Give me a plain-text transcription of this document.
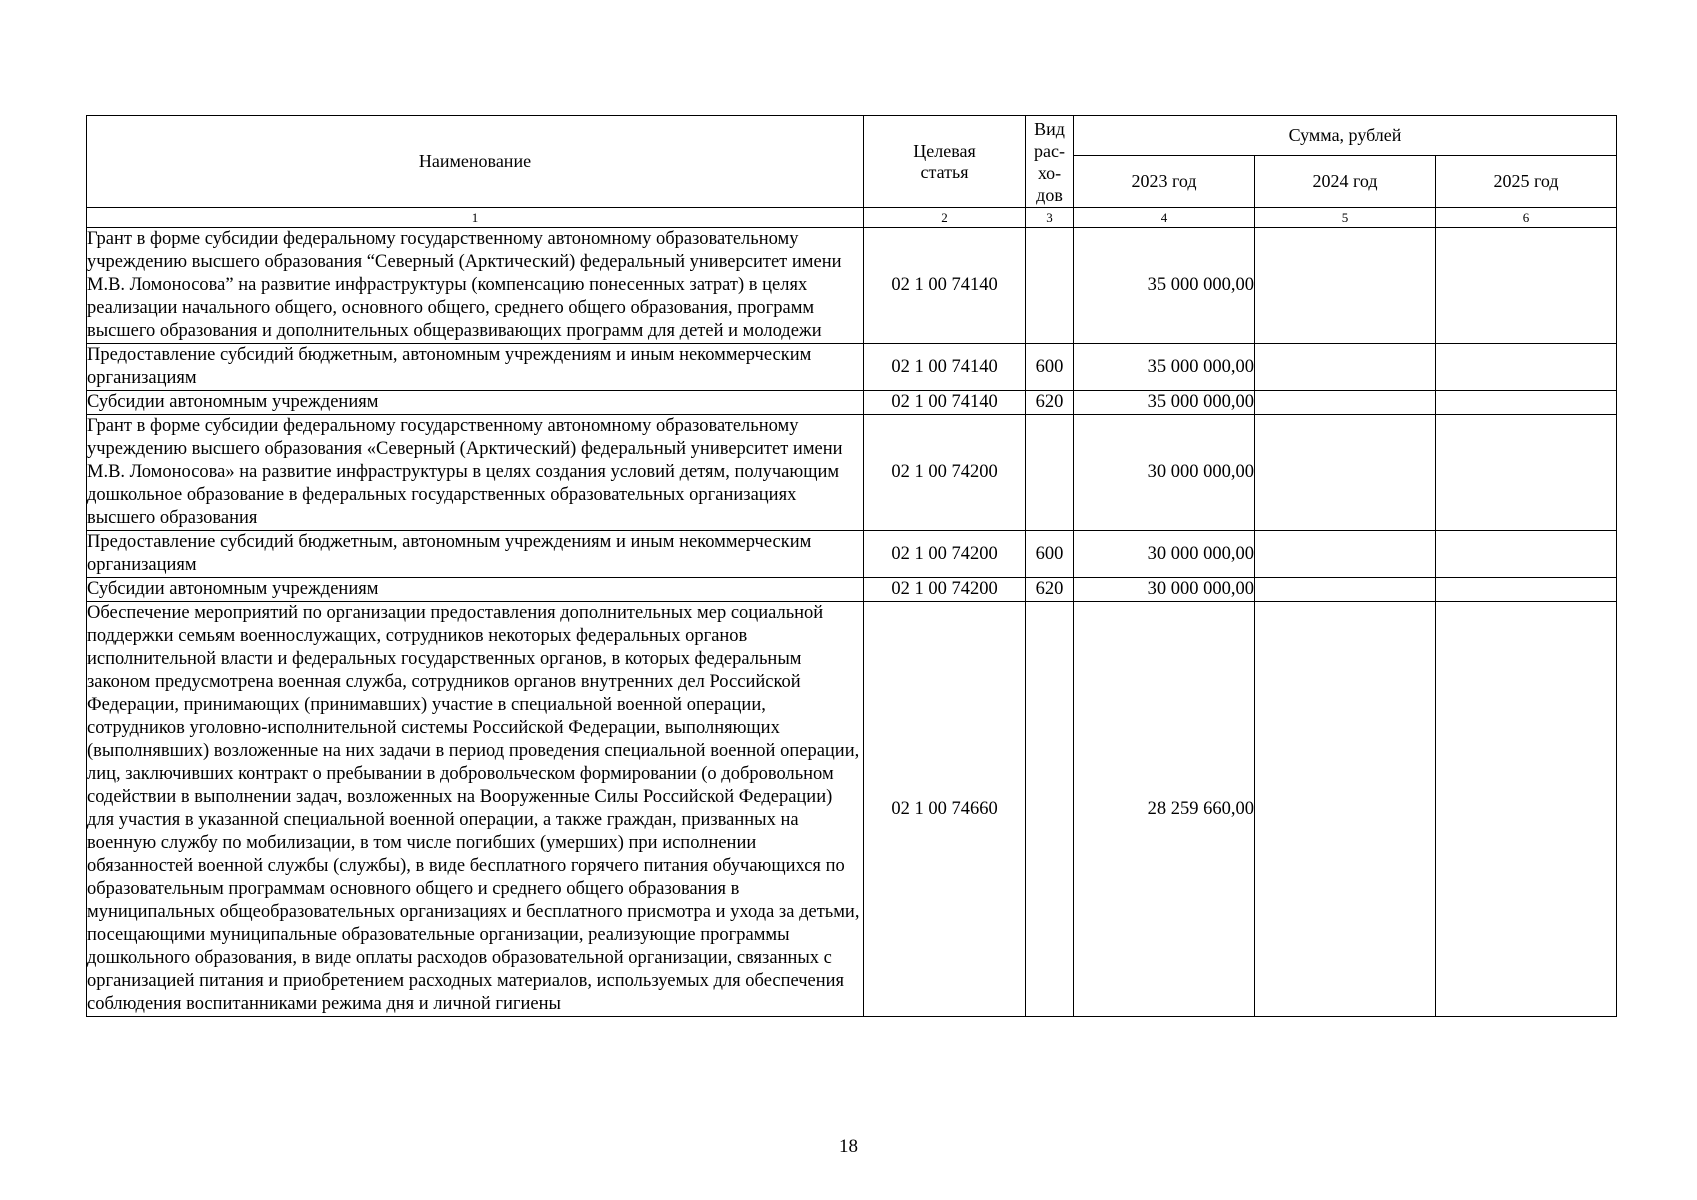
Наименование	Целевая статья	Вид рас-хо-дов	Сумма, рублей		
			2023 год	2024 год	2025 год
1	2	3	4	5	6
Грант в форме субсидии федеральному государственному автономному образовательному учреждению высшего образования “Северный (Арктический) федеральный университет имени М.В. Ломоносова” на развитие инфраструктуры (компенсацию понесенных затрат) в целях реализации начального общего, основного общего, среднего общего образования, программ высшего образования и дополнительных общеразвивающих программ для детей и молодежи	02 1 00 74140		35 000 000,00		
Предоставление субсидий бюджетным, автономным учреждениям и иным некоммерческим организациям	02 1 00 74140	600	35 000 000,00		
Субсидии автономным учреждениям	02 1 00 74140	620	35 000 000,00		
Грант в форме субсидии федеральному государственному автономному образовательному учреждению высшего образования «Северный (Арктический) федеральный университет имени М.В. Ломоносова» на развитие инфраструктуры в целях создания условий детям, получающим дошкольное образование в федеральных государственных образовательных организациях высшего образования	02 1 00 74200		30 000 000,00		
Предоставление субсидий бюджетным, автономным учреждениям и иным некоммерческим организациям	02 1 00 74200	600	30 000 000,00		
Субсидии автономным учреждениям	02 1 00 74200	620	30 000 000,00		
Обеспечение мероприятий по организации предоставления дополнительных мер социальной поддержки семьям военнослужащих, сотрудников некоторых федеральных органов исполнительной власти и федеральных государственных органов, в которых федеральным законом предусмотрена военная служба, сотрудников органов внутренних дел Российской Федерации, принимающих (принимавших) участие в специальной военной операции, сотрудников уголовно-исполнительной системы Российской Федерации, выполняющих (выполнявших) возложенные на них задачи в период проведения специальной военной операции, лиц, заключивших контракт о пребывании в добровольческом формировании (о добровольном содействии в выполнении задач, возложенных на Вооруженные Силы Российской Федерации) для участия в указанной специальной военной операции, а также граждан, призванных на военную службу по мобилизации, в том числе погибших (умерших) при исполнении обязанностей военной службы (службы), в виде бесплатного горячего питания обучающихся по образовательным программам основного общего и среднего общего образования в муниципальных общеобразовательных организациях и бесплатного присмотра и ухода за детьми, посещающими муниципальные образовательные организации, реализующие программы дошкольного образования, в виде оплаты расходов образовательной организации, связанных с организацией питания и приобретением расходных материалов, используемых для обеспечения соблюдения воспитанниками режима дня и личной гигиены	02 1 00 74660		28 259 660,00		
18
